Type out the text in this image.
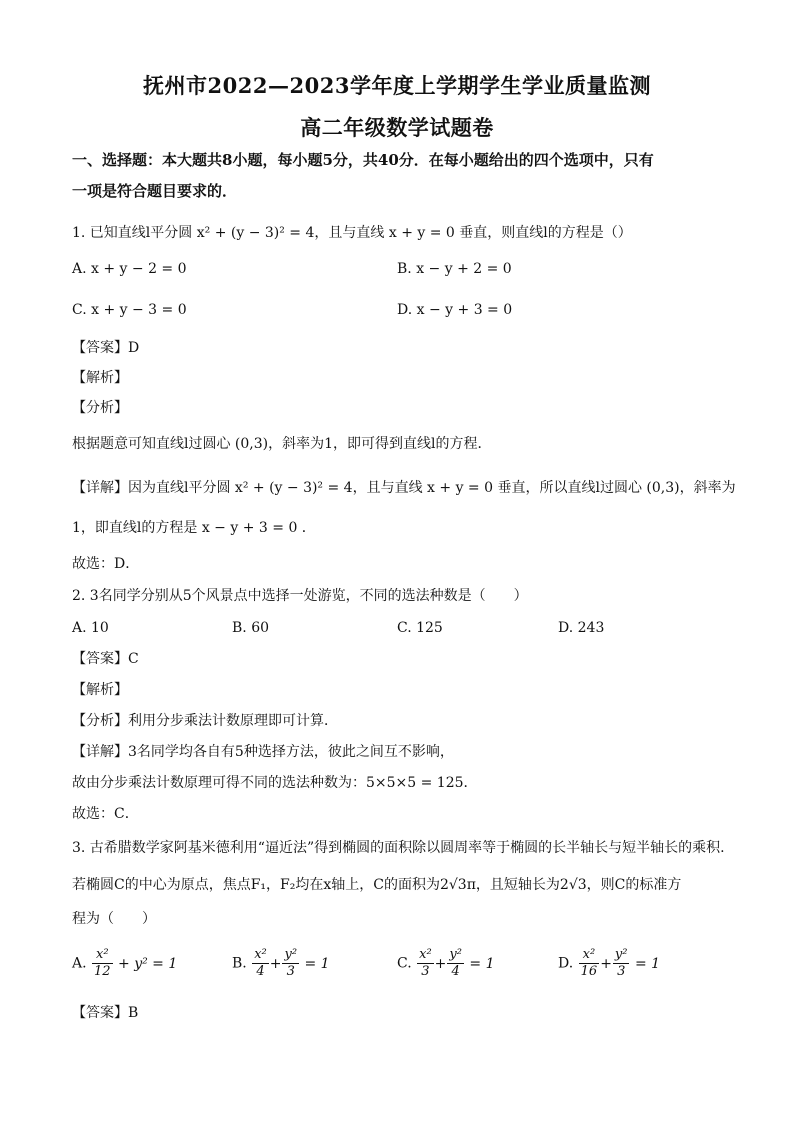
抚州市2022—2023学年度上学期学生学业质量监测
高二年级数学试题卷
一、选择题：本大题共8小题，每小题5分，共40分．在每小题给出的四个选项中，只有
一项是符合题目要求的．
1. 已知直线l平分圆 x² + (y − 3)² = 4，且与直线 x + y = 0 垂直，则直线l的方程是（）
A. x + y − 2 = 0	B. x − y + 2 = 0
C. x + y − 3 = 0	D. x − y + 3 = 0
【答案】D
【解析】
【分析】
根据题意可知直线l过圆心 (0,3)，斜率为1，即可得到直线l的方程．
【详解】因为直线l平分圆 x² + (y − 3)² = 4，且与直线 x + y = 0 垂直，所以直线l过圆心 (0,3)，斜率为
1，即直线l的方程是 x − y + 3 = 0 ．
故选：D．
2. 3名同学分别从5个风景点中选择一处游览，不同的选法种数是（　　）
A. 10	B. 60	C. 125	D. 243
【答案】C
【解析】
【分析】利用分步乘法计数原理即可计算．
【详解】3名同学均各自有5种选择方法，彼此之间互不影响，
故由分步乘法计数原理可得不同的选法种数为：5×5×5 = 125．
故选：C．
3. 古希腊数学家阿基米德利用“逼近法”得到椭圆的面积除以圆周率等于椭圆的长半轴长与短半轴长的乘积.
若椭圆C的中心为原点，焦点F₁，F₂均在x轴上，C的面积为2√3π，且短轴长为2√3，则C的标准方
程为（　　）
A. $\frac{\text{x²}}{12} + y^2 = 1$	B. $\frac{\text{x²}}{4} + \frac{\text{y²}}{3} = 1$	C. $\frac{\text{x²}}{3} + \frac{\text{y²}}{4} = 1$	D. $\frac{\text{x²}}{16} + \frac{\text{y²}}{3} = 1$
【答案】B
